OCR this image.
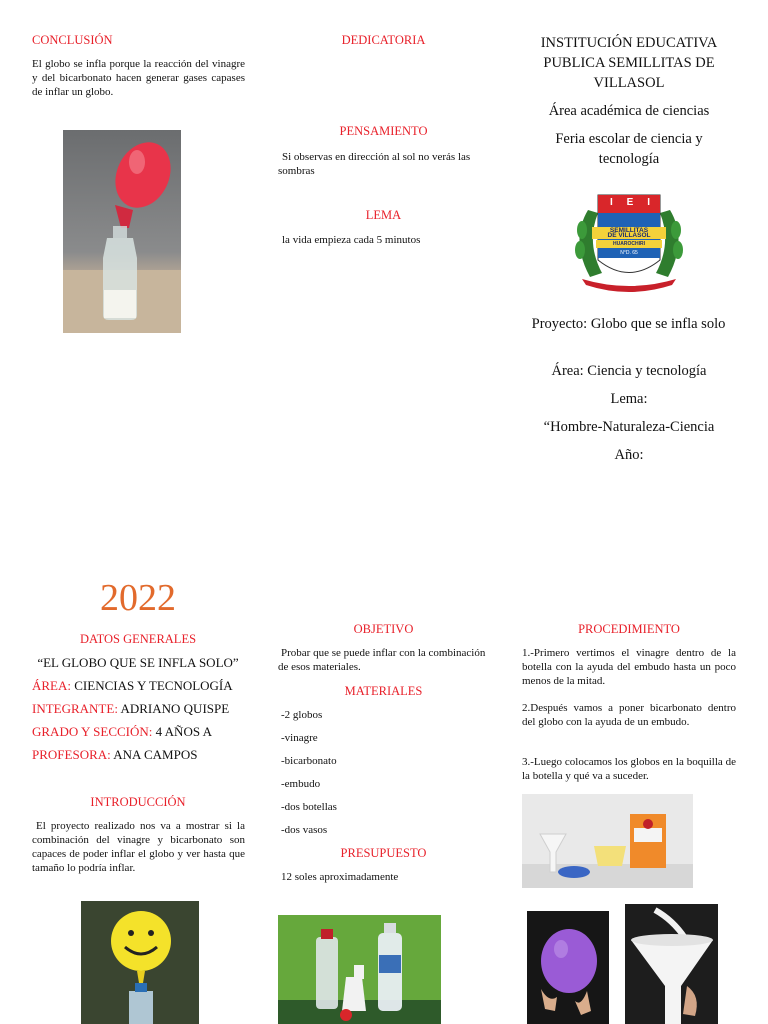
CONCLUSIÓN
El globo se infla porque la reacción del vinagre y del bicarbonato hacen generar gases capases de inflar un globo.
DEDICATORIA
PENSAMIENTO
Si observas en dirección al sol no verás las sombras
LEMA
la vida empieza cada 5 minutos
INSTITUCIÓN EDUCATIVA PUBLICA SEMILLITAS DE VILLASOL
Área académica de ciencias
Feria escolar de ciencia y tecnología
I E I
SEMILLITAS
DE VILLASOL
HUAROCHIRI
N°D. 65
Proyecto: Globo que se infla solo
Área: Ciencia y tecnología
Lema:
“Hombre-Naturaleza-Ciencia
Año:
2022
DATOS GENERALES
“EL GLOBO QUE SE INFLA SOLO”
ÁREA: CIENCIAS Y TECNOLOGÍA
INTEGRANTE: ADRIANO QUISPE
GRADO Y SECCIÓN: 4 AÑOS A
PROFESORA: ANA CAMPOS
INTRODUCCIÓN
El proyecto realizado nos va a mostrar si la combinación del vinagre y bicarbonato son capaces de poder inflar el globo y ver hasta que tamaño lo podría inflar.
OBJETIVO
Probar que se puede inflar con la combinación de esos materiales.
MATERIALES
-2 globos
-vinagre
-bicarbonato
-embudo
-dos botellas
-dos vasos
PRESUPUESTO
12 soles aproximadamente
PROCEDIMIENTO
1.-Primero vertimos el vinagre dentro de la botella con la ayuda del embudo hasta un poco menos de la mitad.
2.Después vamos a poner bicarbonato dentro del globo con la ayuda de un embudo.
3.-Luego colocamos los globos en la boquilla de la botella y qué va a suceder.
